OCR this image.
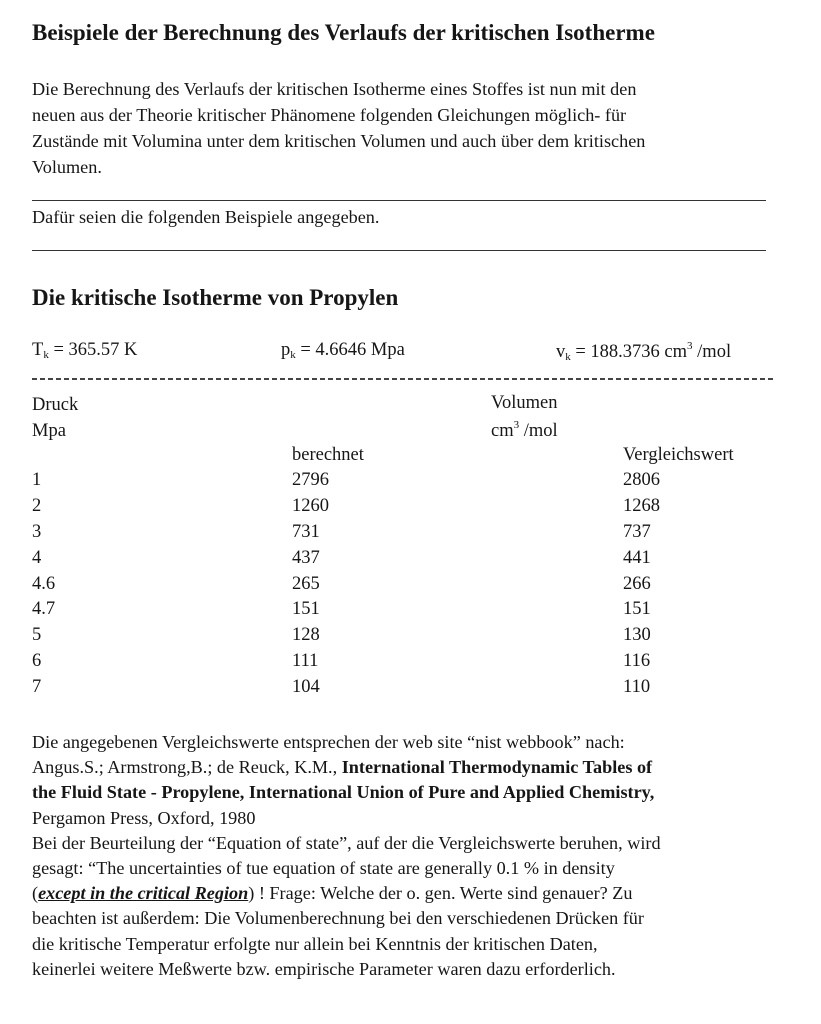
Beispiele der Berechnung des Verlaufs der kritischen Isotherme
Die Berechnung des Verlaufs der kritischen Isotherme eines Stoffes ist nun mit den
neuen aus der Theorie kritischer Phänomene folgenden Gleichungen möglich- für
Zustände mit Volumina unter dem kritischen Volumen und auch über dem kritischen
Volumen.
Dafür seien die folgenden Beispiele angegeben.
Die kritische Isotherme von Propylen
$T_k = 365.57$ K	$p_k = 4.6646$ Mpa	$v_k = 188.3736$ $cm^3$ /mol
Druck
Mpa
Volumen
$cm^3$ /mol
berechnet	Vergleichswert
1	2796	2806
2	1260	1268
3	731	737
4	437	441
4.6	265	266
4.7	151	151
5	128	130
6	111	116
7	104	110
Die angegebenen Vergleichswerte entsprechen der web site “nist webbook” nach:
Angus.S.; Armstrong,B.; de Reuck, K.M., International Thermodynamic Tables of
the Fluid State - Propylene, International Union of Pure and Applied Chemistry,
Pergamon Press, Oxford, 1980
Bei der Beurteilung der “Equation of state”, auf der die Vergleichswerte beruhen, wird
gesagt: “The uncertainties of tue equation of state are generally 0.1 % in density
(except in the critical Region) ! Frage: Welche der o. gen. Werte sind genauer? Zu
beachten ist außerdem: Die Volumenberechnung bei den verschiedenen Drücken für
die kritische Temperatur erfolgte nur allein bei Kenntnis der kritischen Daten,
keinerlei weitere Meßwerte bzw. empirische Parameter waren dazu erforderlich.
